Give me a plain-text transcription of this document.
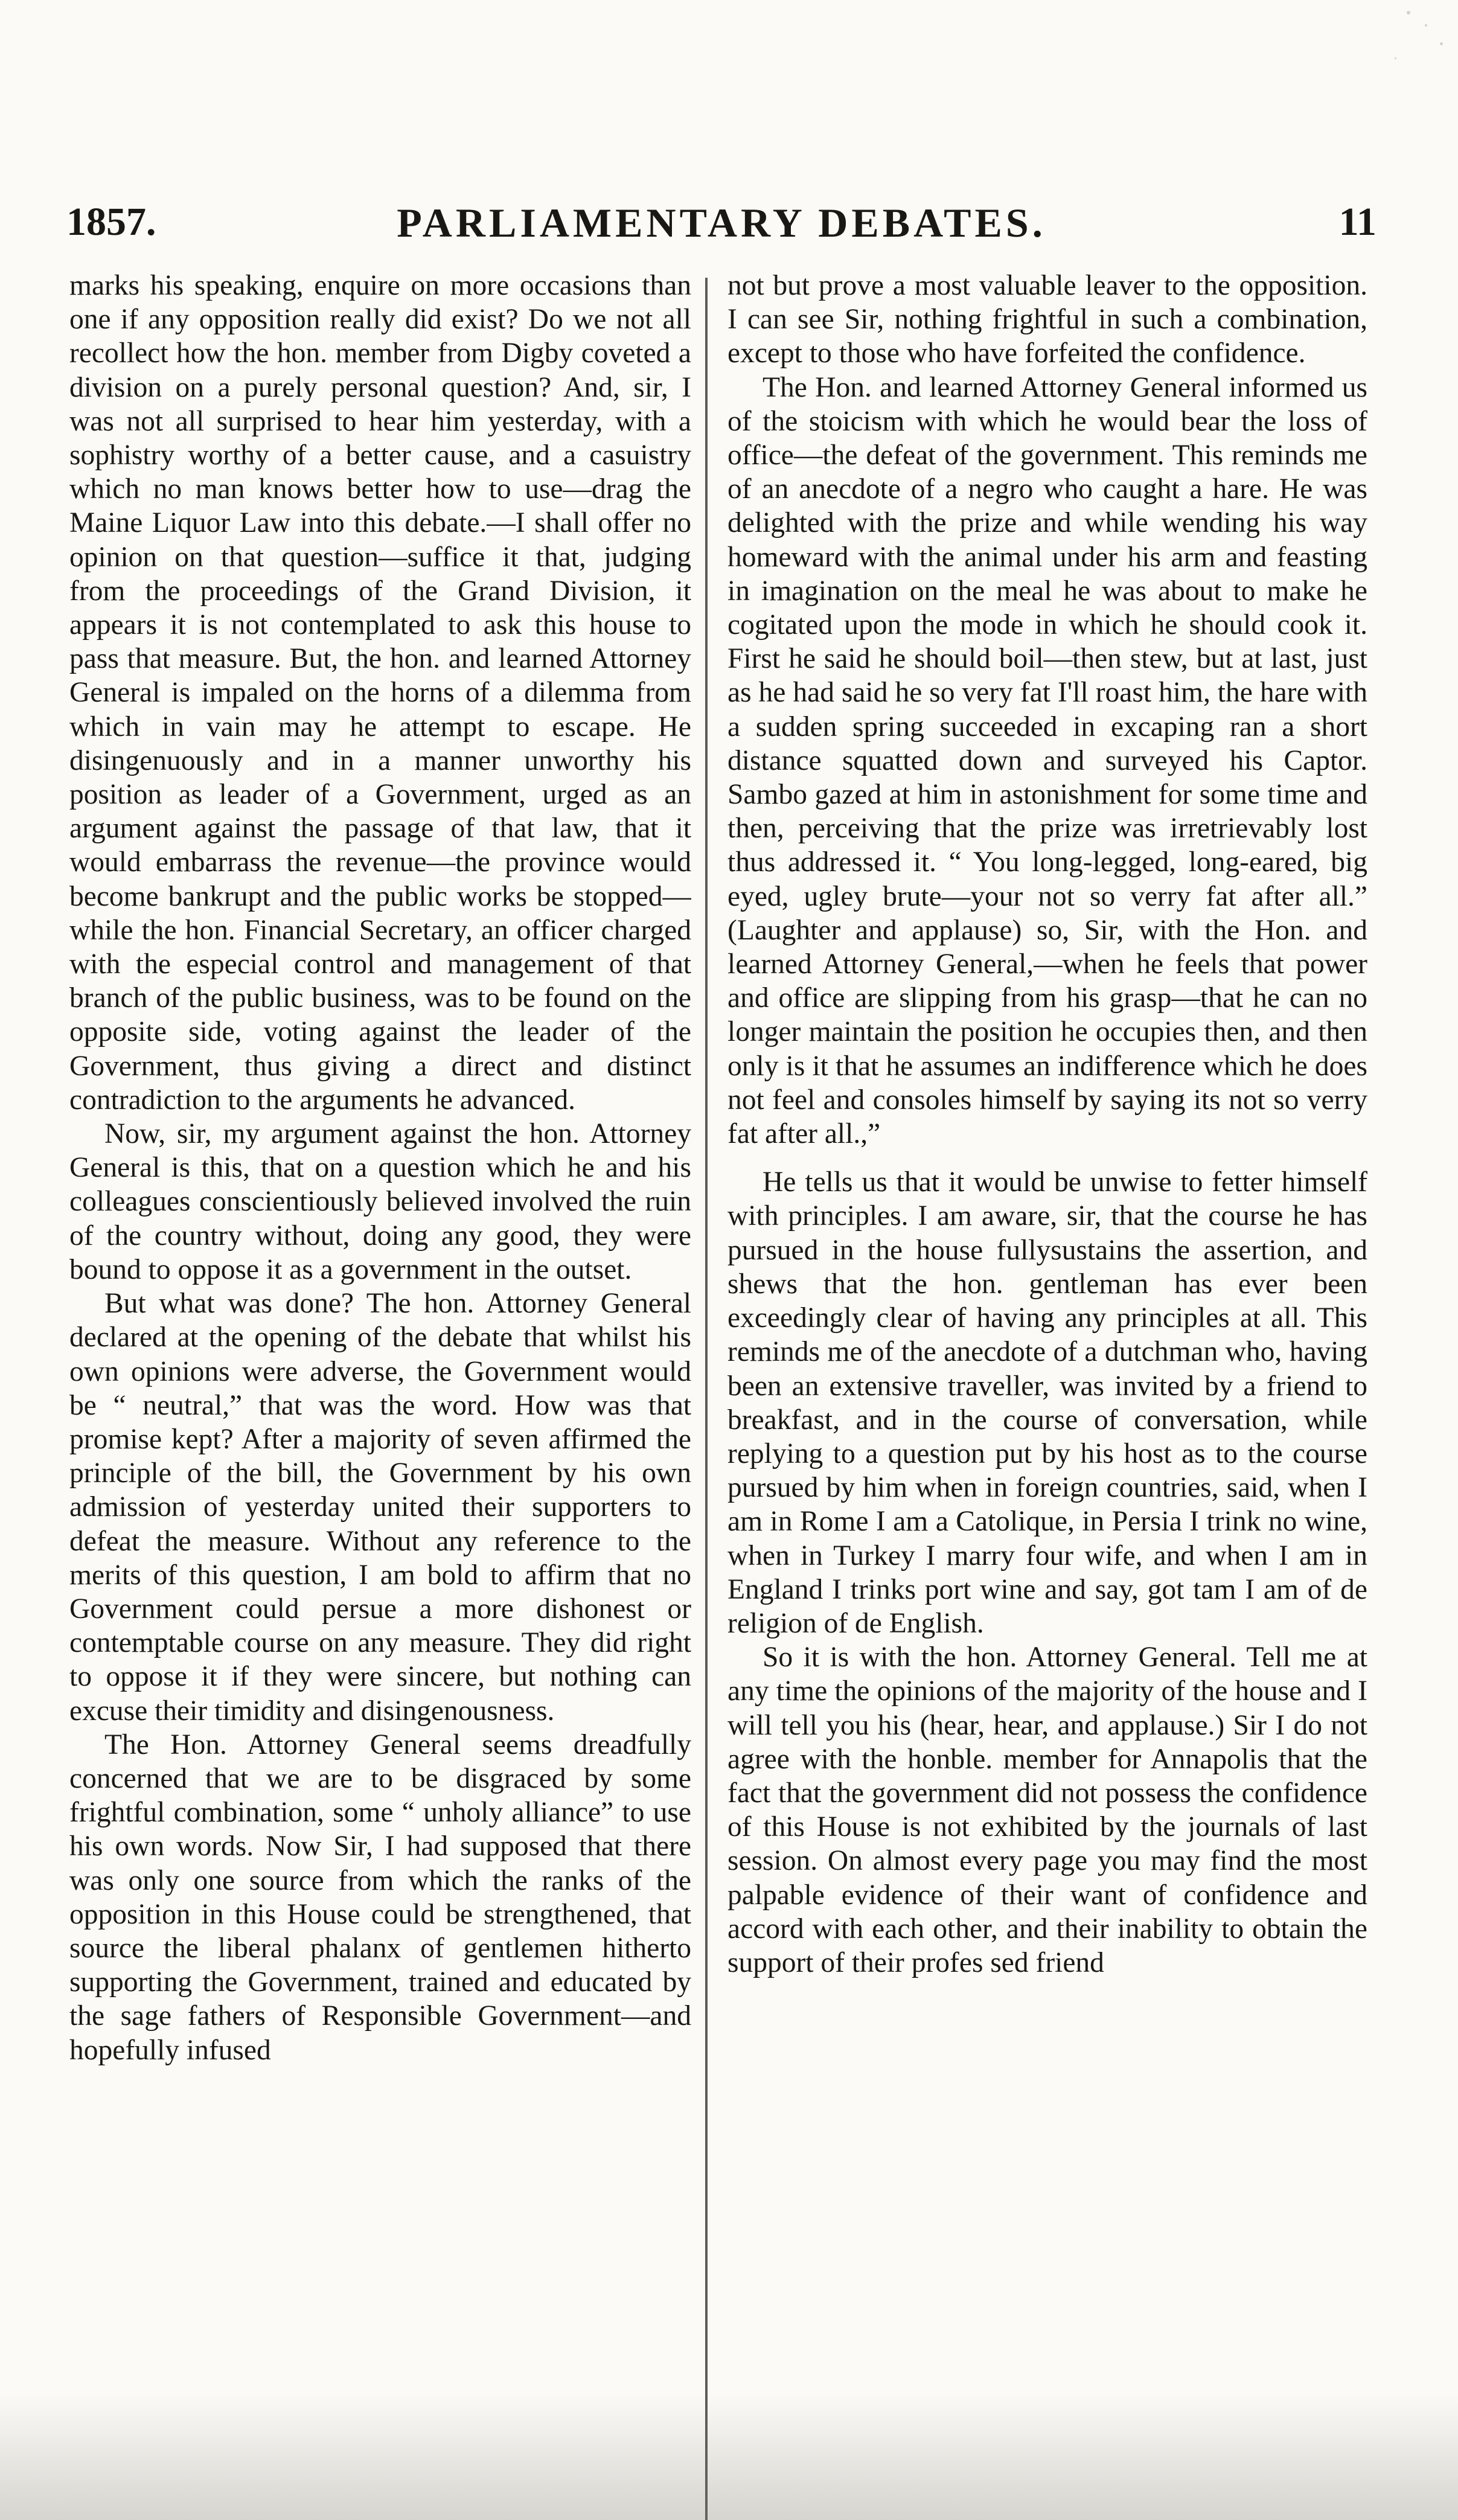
1857.	PARLIAMENTARY DEBATES.	11

marks his speaking, enquire on more occasions than one if any opposition really did exist? Do we not all recollect how the hon. member from Digby coveted a division on a purely personal question? And, sir, I was not all surprised to hear him yesterday, with a sophistry worthy of a better cause, and a casuistry which no man knows better how to use—drag the Maine Liquor Law into this debate.—I shall offer no opinion on that question—suffice it that, judging from the proceedings of the Grand Division, it appears it is not contemplated to ask this house to pass that measure. But, the hon. and learned Attorney General is impaled on the horns of a dilemma from which in vain may he attempt to escape. He disingenuously and in a manner unworthy his position as leader of a Government, urged as an argument against the passage of that law, that it would embarrass the revenue—the province would become bankrupt and the public works be stopped—while the hon. Financial Secretary, an officer charged with the especial control and management of that branch of the public business, was to be found on the opposite side, voting against the leader of the Government, thus giving a direct and distinct contradiction to the arguments he advanced.

Now, sir, my argument against the hon. Attorney General is this, that on a question which he and his colleagues conscientiously believed involved the ruin of the country without, doing any good, they were bound to oppose it as a government in the outset.

But what was done? The hon. Attorney General declared at the opening of the debate that whilst his own opinions were adverse, the Government would be “ neutral,” that was the word. How was that promise kept? After a majority of seven affirmed the principle of the bill, the Government by his own admission of yesterday united their supporters to defeat the measure. Without any reference to the merits of this question, I am bold to affirm that no Government could persue a more dishonest or contemptable course on any measure. They did right to oppose it if they were sincere, but nothing can excuse their timidity and disingenousness.

The Hon. Attorney General seems dreadfully concerned that we are to be disgraced by some frightful combination, some “ unholy alliance” to use his own words. Now Sir, I had supposed that there was only one source from which the ranks of the opposition in this House could be strengthened, that source the liberal phalanx of gentlemen hitherto supporting the Government, trained and educated by the sage fathers of Responsible Government—and hopefully infused

not but prove a most valuable leaver to the opposition. I can see Sir, nothing frightful in such a combination, except to those who have forfeited the confidence.

The Hon. and learned Attorney General informed us of the stoicism with which he would bear the loss of office—the defeat of the government. This reminds me of an anecdote of a negro who caught a hare. He was delighted with the prize and while wending his way homeward with the animal under his arm and feasting in imagination on the meal he was about to make he cogitated upon the mode in which he should cook it. First he said he should boil—then stew, but at last, just as he had said he so very fat I'll roast him, the hare with a sudden spring succeeded in excaping ran a short distance squatted down and surveyed his Captor. Sambo gazed at him in astonishment for some time and then, perceiving that the prize was irretrievably lost thus addressed it. “ You long-legged, long-eared, big eyed, ugley brute—your not so verry fat after all.” (Laughter and applause) so, Sir, with the Hon. and learned Attorney General,—when he feels that power and office are slipping from his grasp—that he can no longer maintain the position he occupies then, and then only is it that he assumes an indifference which he does not feel and consoles himself by saying its not so verry fat after all.,”

He tells us that it would be unwise to fetter himself with principles. I am aware, sir, that the course he has pursued in the house fullysustains the assertion, and shews that the hon. gentleman has ever been exceedingly clear of having any principles at all. This reminds me of the anecdote of a dutchman who, having been an extensive traveller, was invited by a friend to breakfast, and in the course of conversation, while replying to a question put by his host as to the course pursued by him when in foreign countries, said, when I am in Rome I am a Catolique, in Persia I trink no wine, when in Turkey I marry four wife, and when I am in England I trinks port wine and say, got tam I am of de religion of de English.

So it is with the hon. Attorney General. Tell me at any time the opinions of the majority of the house and I will tell you his (hear, hear, and applause.) Sir I do not agree with the honble. member for Annapolis that the fact that the government did not possess the confidence of this House is not exhibited by the journals of last session. On almost every page you may find the most palpable evidence of their want of confidence and accord with each other, and their inability to obtain the support of their profes sed friend
